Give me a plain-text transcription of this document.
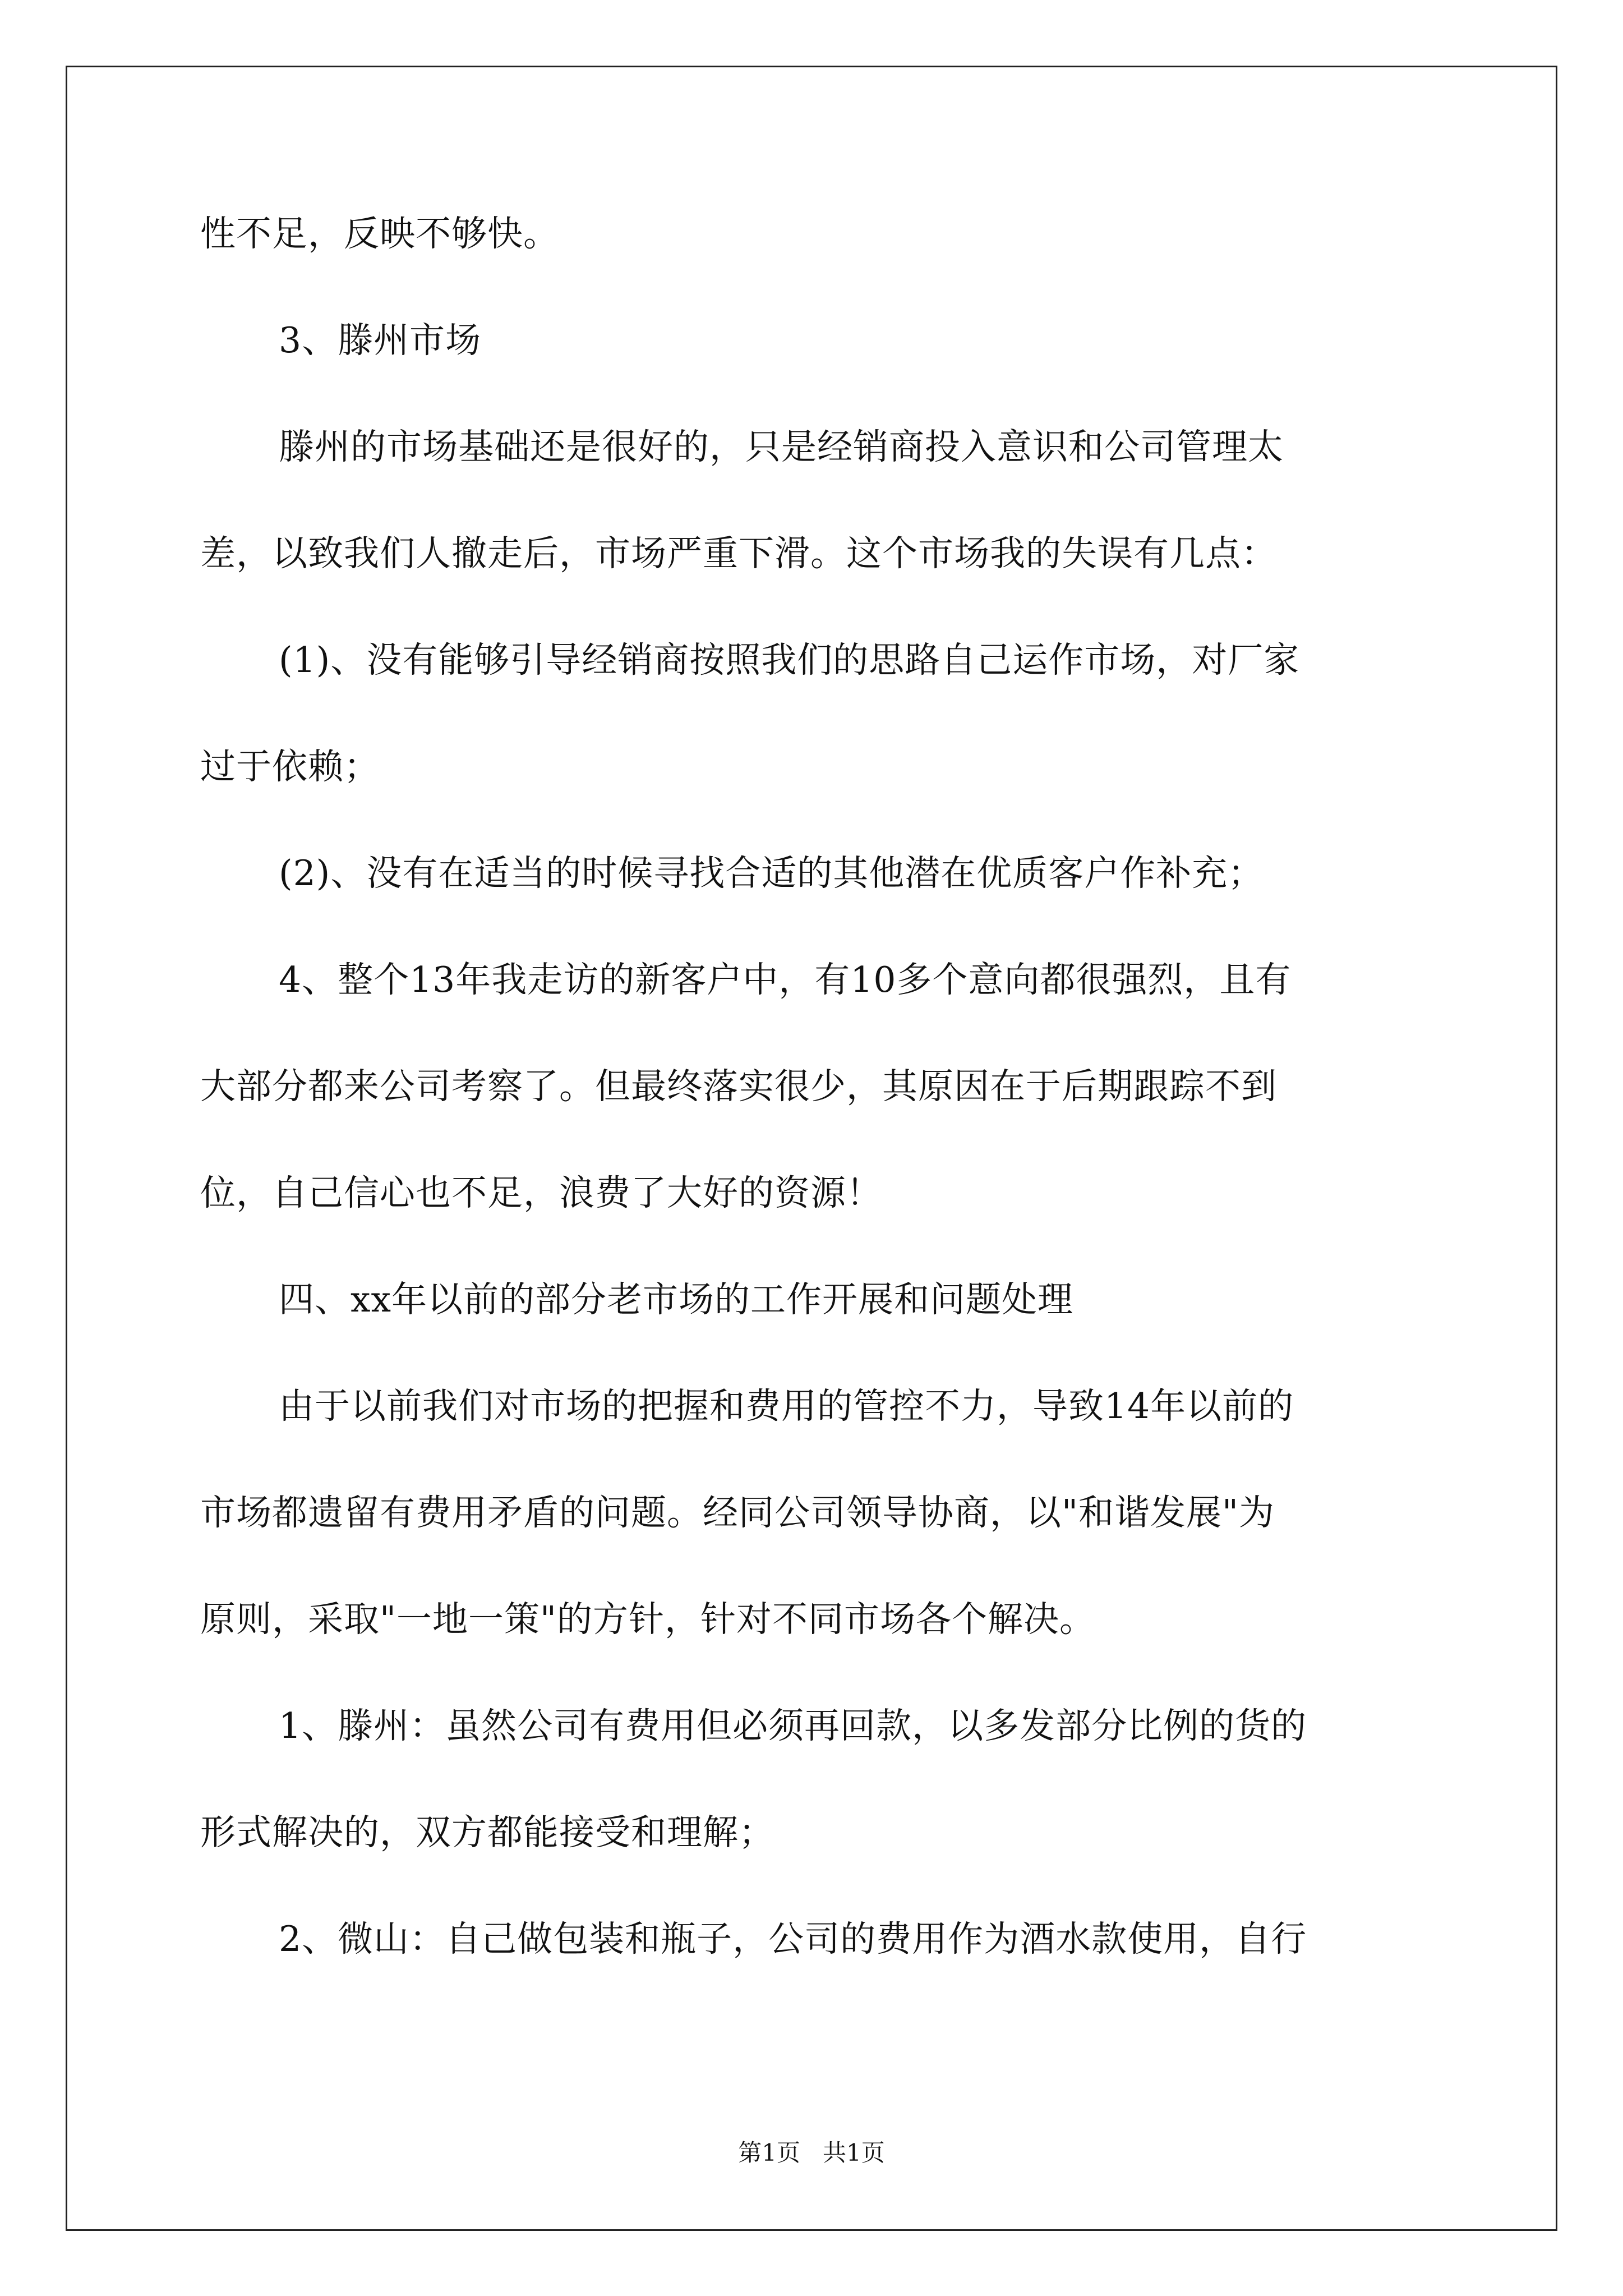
性不足，反映不够快。
3、滕州市场
滕州的市场基础还是很好的，只是经销商投入意识和公司管理太
差，以致我们人撤走后，市场严重下滑。这个市场我的失误有几点：
(1)、没有能够引导经销商按照我们的思路自己运作市场，对厂家
过于依赖；
(2)、没有在适当的时候寻找合适的其他潜在优质客户作补充；
4、整个13年我走访的新客户中，有10多个意向都很强烈，且有
大部分都来公司考察了。但最终落实很少，其原因在于后期跟踪不到
位，自己信心也不足，浪费了大好的资源！
四、xx年以前的部分老市场的工作开展和问题处理
由于以前我们对市场的把握和费用的管控不力，导致14年以前的
市场都遗留有费用矛盾的问题。经同公司领导协商，以"和谐发展"为
原则，采取"一地一策"的方针，针对不同市场各个解决。
1、滕州：虽然公司有费用但必须再回款，以多发部分比例的货的
形式解决的，双方都能接受和理解；
2、微山：自己做包装和瓶子，公司的费用作为酒水款使用，自行
第1页 共1页
